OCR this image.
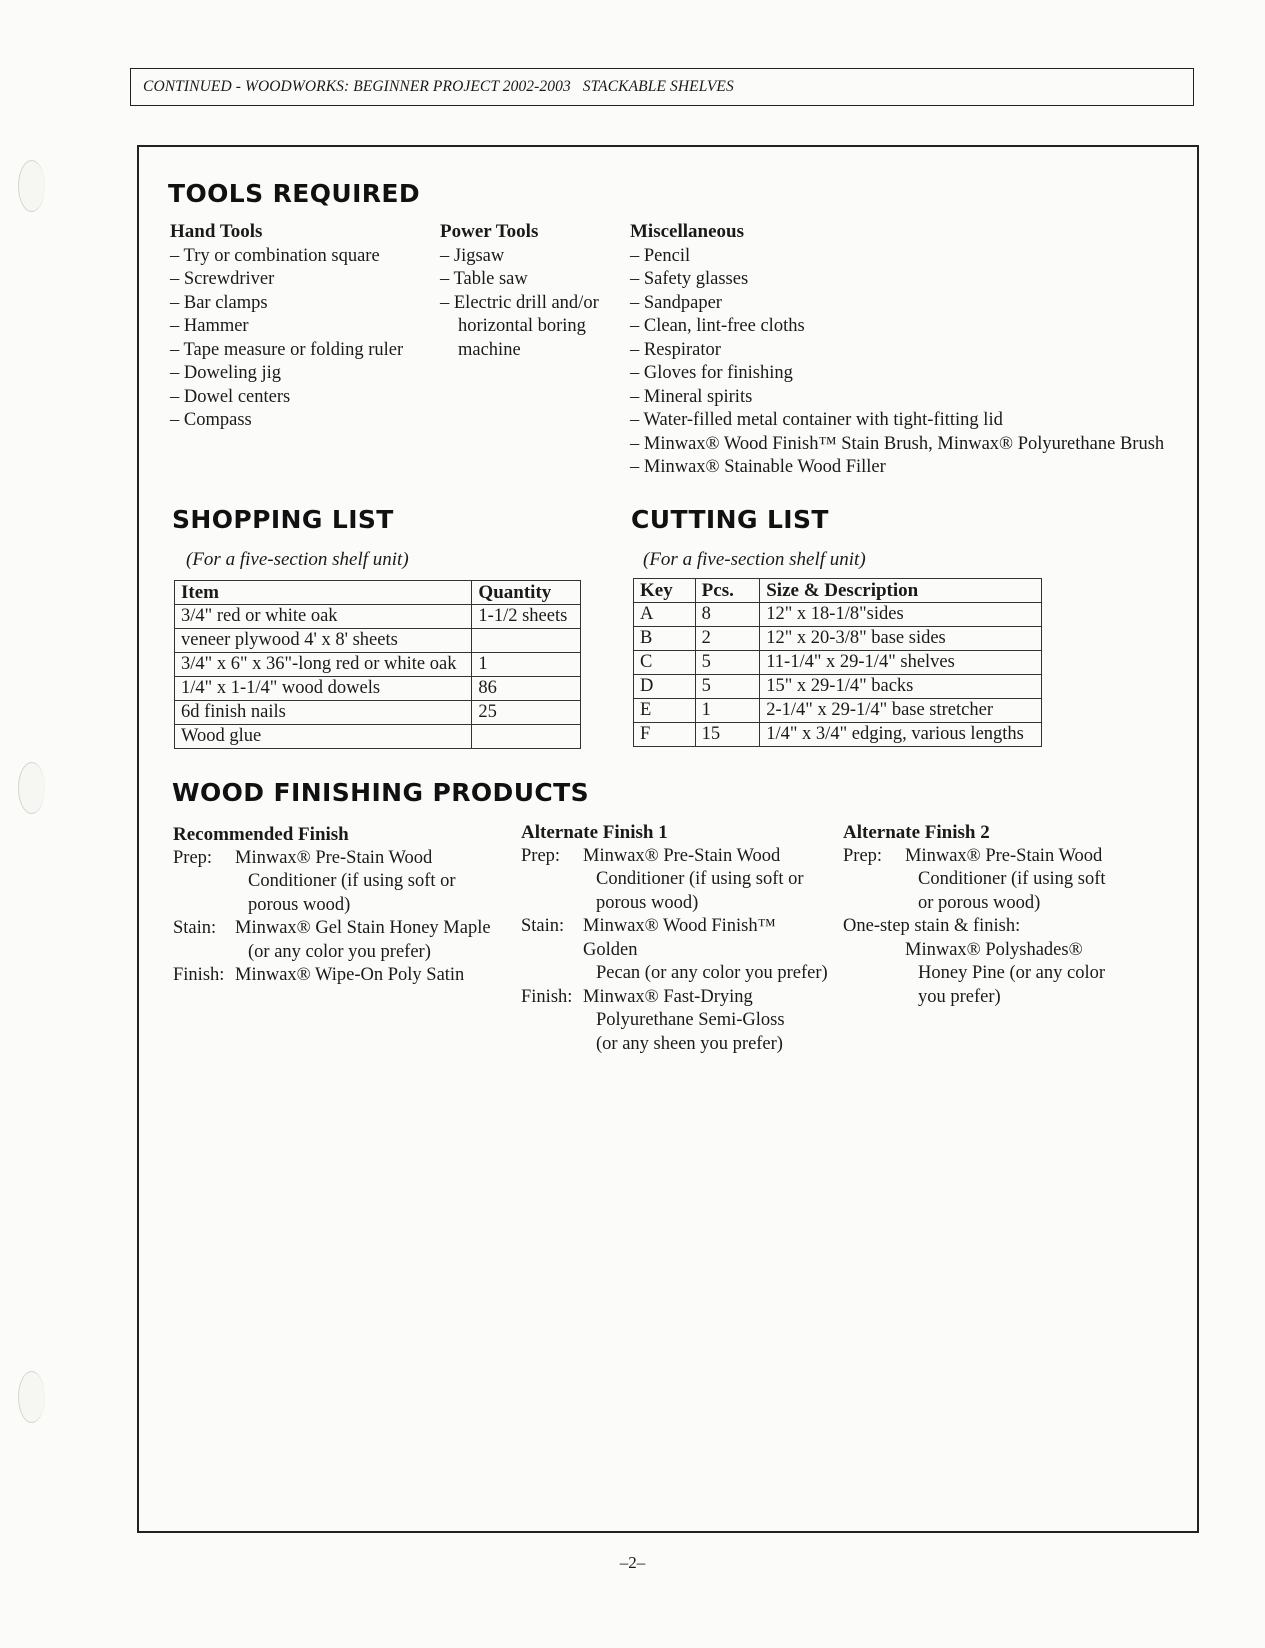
CONTINUED - WOODWORKS: BEGINNER PROJECT 2002-2003   STACKABLE SHELVES
TOOLS REQUIRED
Hand Tools
– Try or combination square
– Screwdriver
– Bar clamps
– Hammer
– Tape measure or folding ruler
– Doweling jig
– Dowel centers
– Compass
Power Tools
– Jigsaw
– Table saw
– Electric drill and/or
horizontal boring
machine
Miscellaneous
– Pencil
– Safety glasses
– Sandpaper
– Clean, lint-free cloths
– Respirator
– Gloves for finishing
– Mineral spirits
– Water-filled metal container with tight-fitting lid
– Minwax® Wood Finish™ Stain Brush, Minwax® Polyurethane Brush
– Minwax® Stainable Wood Filler
SHOPPING LIST
(For a five-section shelf unit)
Item	Quantity
3/4" red or white oak	1-1/2 sheets
veneer plywood 4' x 8' sheets	
3/4" x 6" x 36"-long red or white oak	1
1/4" x 1-1/4" wood dowels	86
6d finish nails	25
Wood glue	
CUTTING LIST
(For a five-section shelf unit)
Key	Pcs.	Size & Description
A	8	12" x 18-1/8"sides
B	2	12" x 20-3/8" base sides
C	5	11-1/4" x 29-1/4" shelves
D	5	15" x 29-1/4" backs
E	1	2-1/4" x 29-1/4" base stretcher
F	15	1/4" x 3/4" edging, various lengths
WOOD FINISHING PRODUCTS
Recommended Finish
Prep:	Minwax® Pre-Stain Wood
Conditioner (if using soft or
porous wood)
Stain:	Minwax® Gel Stain Honey Maple
(or any color you prefer)
Finish: Minwax® Wipe-On Poly Satin
Alternate Finish 1
Prep:	Minwax® Pre-Stain Wood
Conditioner (if using soft or
porous wood)
Stain:	Minwax® Wood Finish™ Golden
Pecan (or any color you prefer)
Finish: Minwax® Fast-Drying
Polyurethane Semi-Gloss
(or any sheen you prefer)
Alternate Finish 2
Prep:	Minwax® Pre-Stain Wood
Conditioner (if using soft
or porous wood)
One-step stain & finish:
Minwax® Polyshades®
Honey Pine (or any color
you prefer)
–2–
